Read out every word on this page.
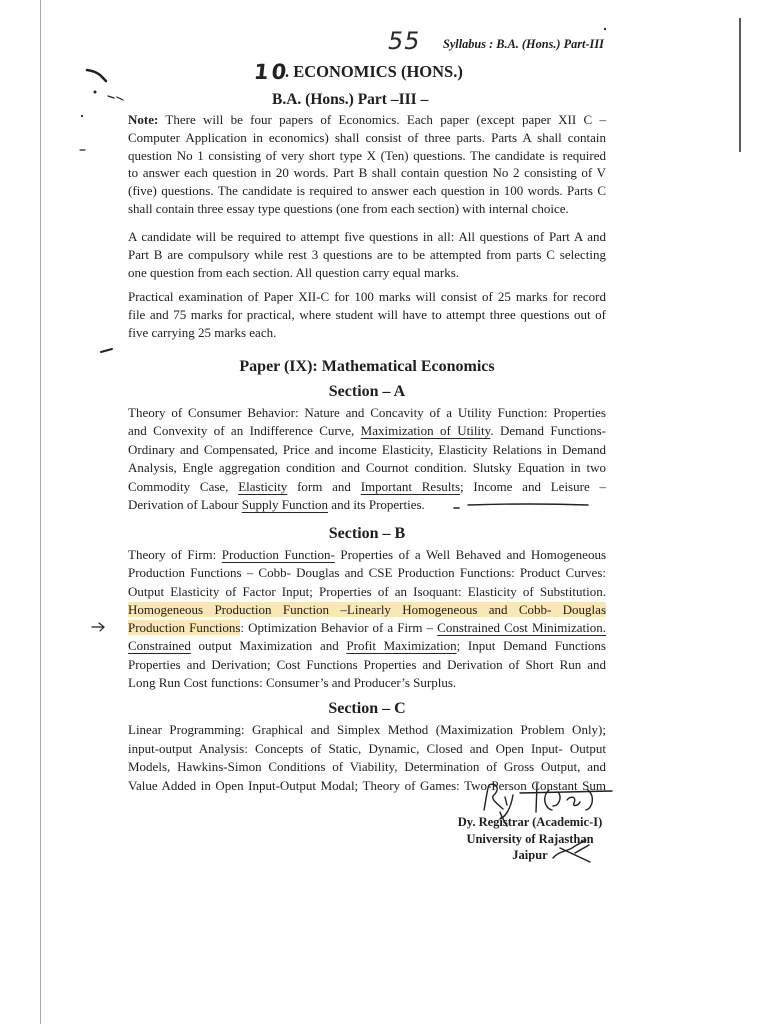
55 Syllabus : B.A. (Hons.) Part-III
10
. ECONOMICS (HONS.)
B.A. (Hons.) Part –III –
Note: There will be four papers of Economics. Each paper (except paper XII C –
Computer Application in economics) shall consist of three parts. Parts A shall contain
question No 1 consisting of very short type X (Ten) questions. The candidate is required
to answer each question in 20 words. Part B shall contain question No 2 consisting of V
(five) questions. The candidate is required to answer each question in 100 words. Parts C
shall contain three essay type questions (one from each section) with internal choice.
A candidate will be required to attempt five questions in all: All questions of Part A and
Part B are compulsory while rest 3 questions are to be attempted from parts C selecting
one question from each section. All question carry equal marks.
Practical examination of Paper XII-C for 100 marks will consist of 25 marks for record
file and 75 marks for practical, where student will have to attempt three questions out of
five carrying 25 marks each.
Paper (IX): Mathematical Economics
Section – A
Theory of Consumer Behavior: Nature and Concavity of a Utility Function: Properties
and Convexity of an Indifference Curve, Maximization of Utility. Demand Functions-
Ordinary and Compensated, Price and income Elasticity, Elasticity Relations in Demand
Analysis, Engle aggregation condition and Cournot condition. Slutsky Equation in two
Commodity Case, Elasticity form and Important Results; Income and Leisure –
Derivation of Labour Supply Function and its Properties.
Section – B
Theory of Firm: Production Function- Properties of a Well Behaved and Homogeneous
Production Functions – Cobb- Douglas and CSE Production Functions: Product Curves:
Output Elasticity of Factor Input; Properties of an Isoquant: Elasticity of Substitution.
Homogeneous Production Function –Linearly Homogeneous and Cobb- Douglas
Production Functions: Optimization Behavior of a Firm – Constrained Cost Minimization.
Constrained output Maximization and Profit Maximization; Input Demand Functions
Properties and Derivation; Cost Functions Properties and Derivation of Short Run and
Long Run Cost functions: Consumer’s and Producer’s Surplus.
Section – C
Linear Programming: Graphical and Simplex Method (Maximization Problem Only);
input-output Analysis: Concepts of Static, Dynamic, Closed and Open Input- Output
Models, Hawkins-Simon Conditions of Viability, Determination of Gross Output, and
Value Added in Open Input-Output Modal; Theory of Games: Two-Person Constant Sum
Dy. Registrar (Academic-I)
University of Rajasthan
Jaipur
